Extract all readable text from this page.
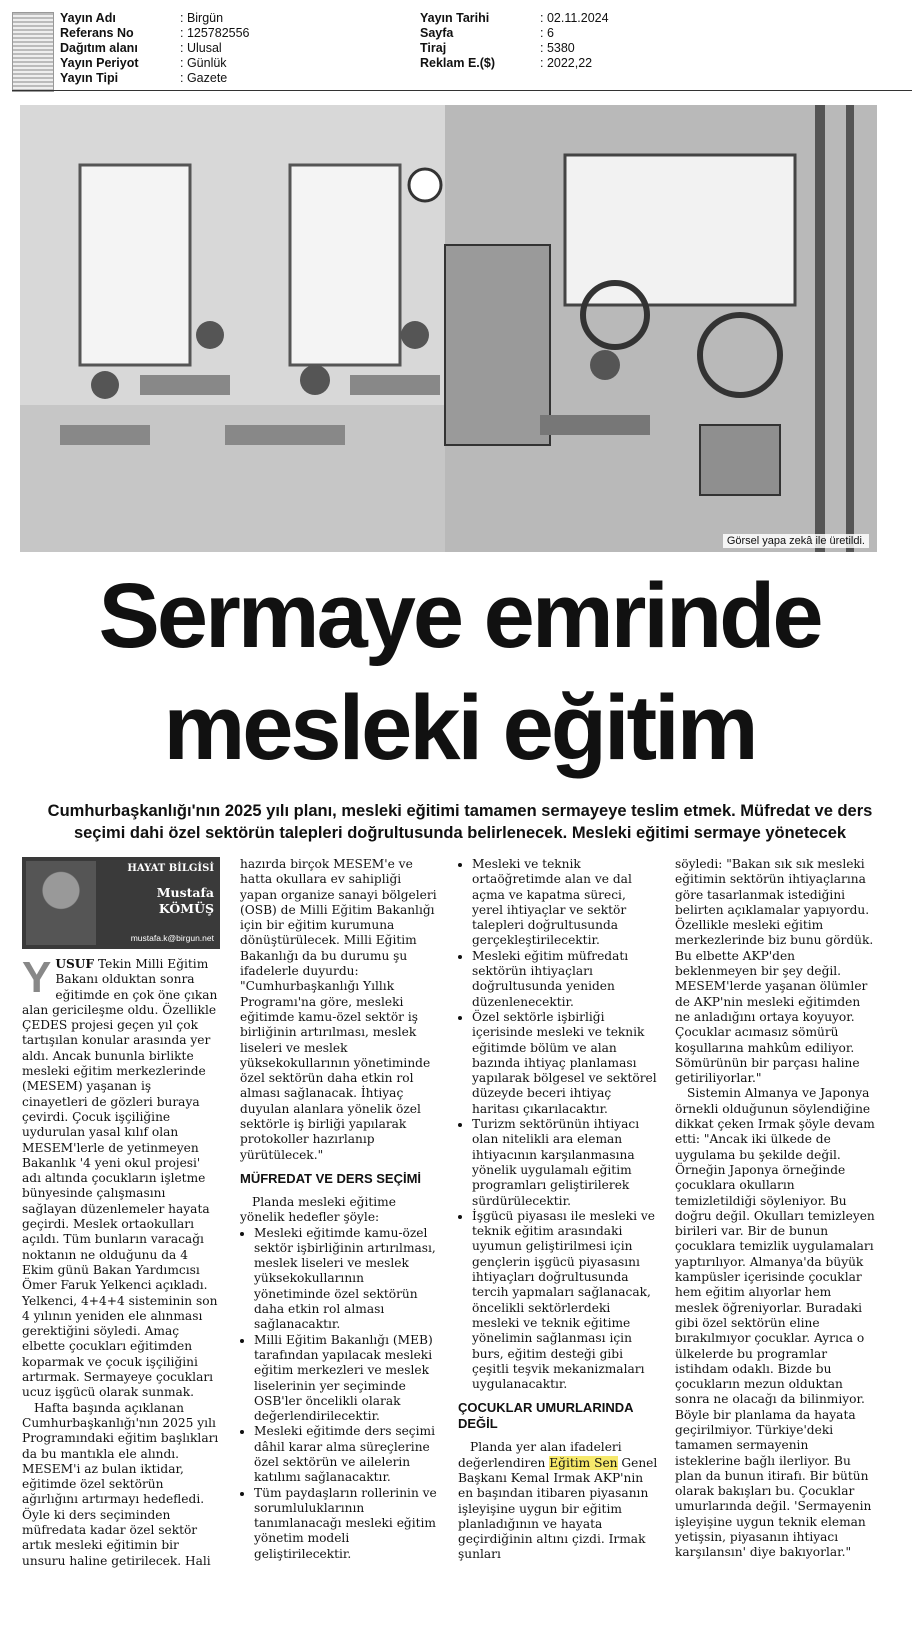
Yayın Adı	: Birgün
Referans No	: 125782556
Dağıtım alanı	: Ulusal
Yayın Periyot	: Günlük
Yayın Tipi	: Gazete
Yayın Tarihi	: 02.11.2024
Sayfa	: 6
Tiraj	: 5380
Reklam E.($)	: 2022,22
Görsel yapa zekâ ile üretildi.
Sermaye emrinde
mesleki eğitim
Cumhurbaşkanlığı'nın 2025 yılı planı, mesleki eğitimi tamamen sermayeye teslim etmek. Müfredat ve ders
seçimi dahi özel sektörün talepleri doğrultusunda belirlenecek. Mesleki eğitimi sermaye yönetecek
HAYAT BİLGİSİ
Mustafa
KÖMÜŞ
mustafa.k@birgun.net

YUSUF Tekin Milli Eğitim Bakanı olduktan sonra eğitimde en çok öne çıkan alan gericileşme oldu. Özellikle ÇEDES projesi geçen yıl çok tartışılan konular arasında yer aldı. Ancak bununla birlikte mesleki eğitim merkezlerinde (MESEM) yaşanan iş cinayetleri de gözleri buraya çevirdi. Çocuk işçiliğine uydurulan yasal kılıf olan MESEM'lerle de yetinmeyen Bakanlık '4 yeni okul projesi' adı altında çocukların işletme bünyesinde çalışmasını sağlayan düzenlemeler hayata geçirdi. Meslek ortaokulları açıldı. Tüm bunların varacağı noktanın ne olduğunu da 4 Ekim günü Bakan Yardımcısı Ömer Faruk Yelkenci açıkladı. Yelkenci, 4+4+4 sisteminin son 4 yılının yeniden ele alınması gerektiğini söyledi. Amaç elbette çocukları eğitimden koparmak ve çocuk işçiliğini artırmak. Sermayeye çocukları ucuz işgücü olarak sunmak.

Hafta başında açıklanan Cumhurbaşkanlığı'nın 2025 yılı Programındaki eğitim başlıkları da bu mantıkla ele alındı. MESEM'i az bulan iktidar, eğitimde özel sektörün ağırlığını artırmayı hedefledi. Öyle ki ders seçiminden müfredata kadar özel sektör artık mesleki eğitimin bir unsuru haline getirilecek. Hali

hazırda birçok MESEM'e ve hatta okullara ev sahipliği yapan organize sanayi bölgeleri (OSB) de Milli Eğitim Bakanlığı için bir eğitim kurumuna dönüştürülecek. Milli Eğitim Bakanlığı da bu durumu şu ifadelerle duyurdu: "Cumhurbaşkanlığı Yıllık Programı'na göre, mesleki eğitimde kamu-özel sektör iş birliğinin artırılması, meslek liseleri ve meslek yüksekokullarının yönetiminde özel sektörün daha etkin rol alması sağlanacak. İhtiyaç duyulan alanlara yönelik özel sektörle iş birliği yapılarak protokoller hazırlanıp yürütülecek."

MÜFREDAT VE DERS SEÇİMİ

Planda mesleki eğitime yönelik hedefler şöyle:

• Mesleki eğitimde kamu-özel sektör işbirliğinin artırılması, meslek liseleri ve meslek yüksekokullarının yönetiminde özel sektörün daha etkin rol alması sağlanacaktır.
• Milli Eğitim Bakanlığı (MEB) tarafından yapılacak mesleki eğitim merkezleri ve meslek liselerinin yer seçiminde OSB'ler öncelikli olarak değerlendirilecektir.
• Mesleki eğitimde ders seçimi dâhil karar alma süreçlerine özel sektörün ve ailelerin katılımı sağlanacaktır.
• Tüm paydaşların rollerinin ve sorumluluklarının tanımlanacağı mesleki eğitim yönetim modeli geliştirilecektir.
• Mesleki ve teknik ortaöğretimde alan ve dal açma ve kapatma süreci, yerel ihtiyaçlar ve sektör talepleri doğrultusunda gerçekleştirilecektir.
• Mesleki eğitim müfredatı sektörün ihtiyaçları doğrultusunda yeniden düzenlenecektir.
• Özel sektörle işbirliği içerisinde mesleki ve teknik eğitimde bölüm ve alan bazında ihtiyaç planlaması yapılarak bölgesel ve sektörel düzeyde beceri ihtiyaç haritası çıkarılacaktır.
• Turizm sektörünün ihtiyacı olan nitelikli ara eleman ihtiyacının karşılanmasına yönelik uygulamalı eğitim programları geliştirilerek sürdürülecektir.
• İşgücü piyasası ile mesleki ve teknik eğitim arasındaki uyumun geliştirilmesi için gençlerin işgücü piyasasını ihtiyaçları doğrultusunda tercih yapmaları sağlanacak, öncelikli sektörlerdeki mesleki ve teknik eğitime yönelimin sağlanması için burs, eğitim desteği gibi çeşitli teşvik mekanizmaları uygulanacaktır.

ÇOCUKLAR UMURLARINDA DEĞİL

Planda yer alan ifadeleri değerlendiren Eğitim Sen Genel Başkanı Kemal Irmak AKP'nin en başından itibaren piyasanın işleyişine uygun bir eğitim planladığının ve hayata geçirdiğinin altını çizdi. Irmak şunları

söyledi: "Bakan sık sık mesleki eğitimin sektörün ihtiyaçlarına göre tasarlanmak istediğini belirten açıklamalar yapıyordu. Özellikle mesleki eğitim merkezlerinde biz bunu gördük. Bu elbette AKP'den beklenmeyen bir şey değil. MESEM'lerde yaşanan ölümler de AKP'nin mesleki eğitimden ne anladığını ortaya koyuyor. Çocuklar acımasız sömürü koşullarına mahkûm ediliyor. Sömürünün bir parçası haline getiriliyorlar."

Sistemin Almanya ve Japonya örnekli olduğunun söylendiğine dikkat çeken Irmak şöyle devam etti: "Ancak iki ülkede de uygulama bu şekilde değil. Örneğin Japonya örneğinde çocuklara okulların temizletildiği söyleniyor. Bu doğru değil. Okulları temizleyen birileri var. Bir de bunun çocuklara temizlik uygulamaları yaptırılıyor. Almanya'da büyük kampüsler içerisinde çocuklar hem eğitim alıyorlar hem meslek öğreniyorlar. Buradaki gibi özel sektörün eline bırakılmıyor çocuklar. Ayrıca o ülkelerde bu programlar istihdam odaklı. Bizde bu çocukların mezun olduktan sonra ne olacağı da bilinmiyor. Böyle bir planlama da hayata geçirilmiyor. Türkiye'deki tamamen sermayenin isteklerine bağlı ilerliyor. Bu plan da bunun itirafı. Bir bütün olarak bakışları bu. Çocuklar umurlarında değil. 'Sermayenin işleyişine uygun teknik eleman yetişsin, piyasanın ihtiyacı karşılansın' diye bakıyorlar."
